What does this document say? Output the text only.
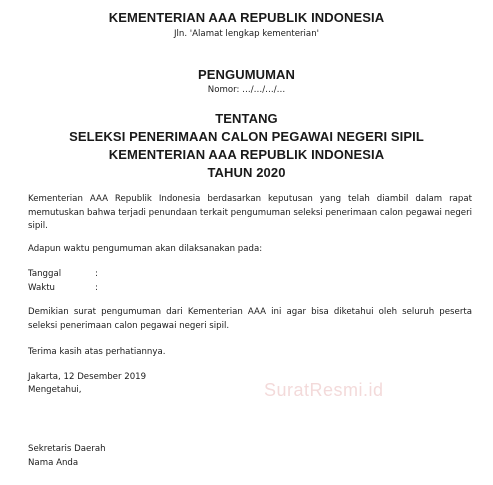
KEMENTERIAN AAA REPUBLIK INDONESIA
Jln. 'Alamat lengkap kementerian'
PENGUMUMAN
Nomor: …/…/…/…
TENTANG
SELEKSI PENERIMAAN CALON PEGAWAI NEGERI SIPIL
KEMENTERIAN AAA REPUBLIK INDONESIA
TAHUN 2020
Kementerian AAA Republik Indonesia berdasarkan keputusan yang telah diambil dalam rapat memutuskan bahwa terjadi penundaan terkait pengumuman seleksi penerimaan calon pegawai negeri sipil.
Adapun waktu pengumuman akan dilaksanakan pada:
Tanggal	:
Waktu	:
Demikian surat pengumuman dari Kementerian AAA ini agar bisa diketahui oleh seluruh peserta seleksi penerimaan calon pegawai negeri sipil.
Terima kasih atas perhatiannya.
Jakarta, 12 Desember 2019
Mengetahui,
Sekretaris Daerah
Nama Anda
SuratResmi.id
